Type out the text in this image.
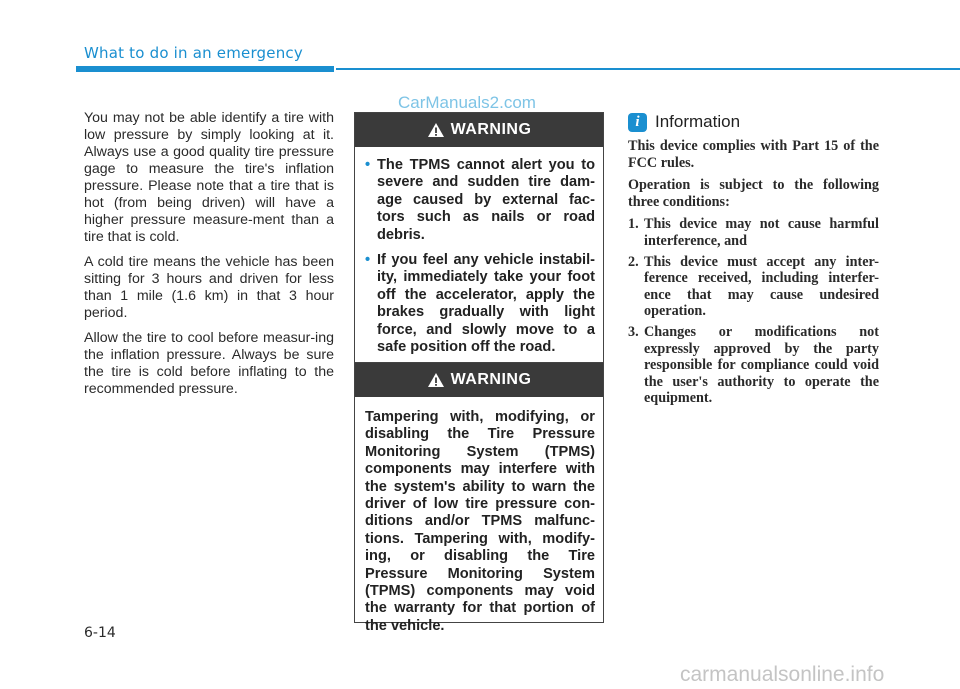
What to do in an emergency
CarManuals2.com

You may not be able identify a tire with low pressure by simply looking at it. Always use a good quality tire pressure gage to measure the tire's inflation pressure. Please note that a tire that is hot (from being driven) will have a higher pressure measure-ment than a tire that is cold.

A cold tire means the vehicle has been sitting for 3 hours and driven for less than 1 mile (1.6 km) in that 3 hour period.

Allow the tire to cool before measur-ing the inflation pressure. Always be sure the tire is cold before inflating to the recommended pressure.

WARNING
• The TPMS cannot alert you to severe and sudden tire dam-age caused by external fac-tors such as nails or road debris.
• If you feel any vehicle instabil-ity, immediately take your foot off the accelerator, apply the brakes gradually with light force, and slowly move to a safe position off the road.
WARNING
Tampering with, modifying, or disabling the Tire Pressure Monitoring System (TPMS) components may interfere with the system's ability to warn the driver of low tire pressure con-ditions and/or TPMS malfunc-tions. Tampering with, modify-ing, or disabling the Tire Pressure Monitoring System (TPMS) components may void the warranty for that portion of the vehicle.
i Information

This device complies with Part 15 of the FCC rules.

Operation is subject to the following three conditions:

1. This device may not cause harmful interference, and
2. This device must accept any inter-ference received, including interfer-ence that may cause undesired operation.
3. Changes or modifications not expressly approved by the party responsible for compliance could void the user's authority to operate the equipment.
6-14
carmanualsonline.info
